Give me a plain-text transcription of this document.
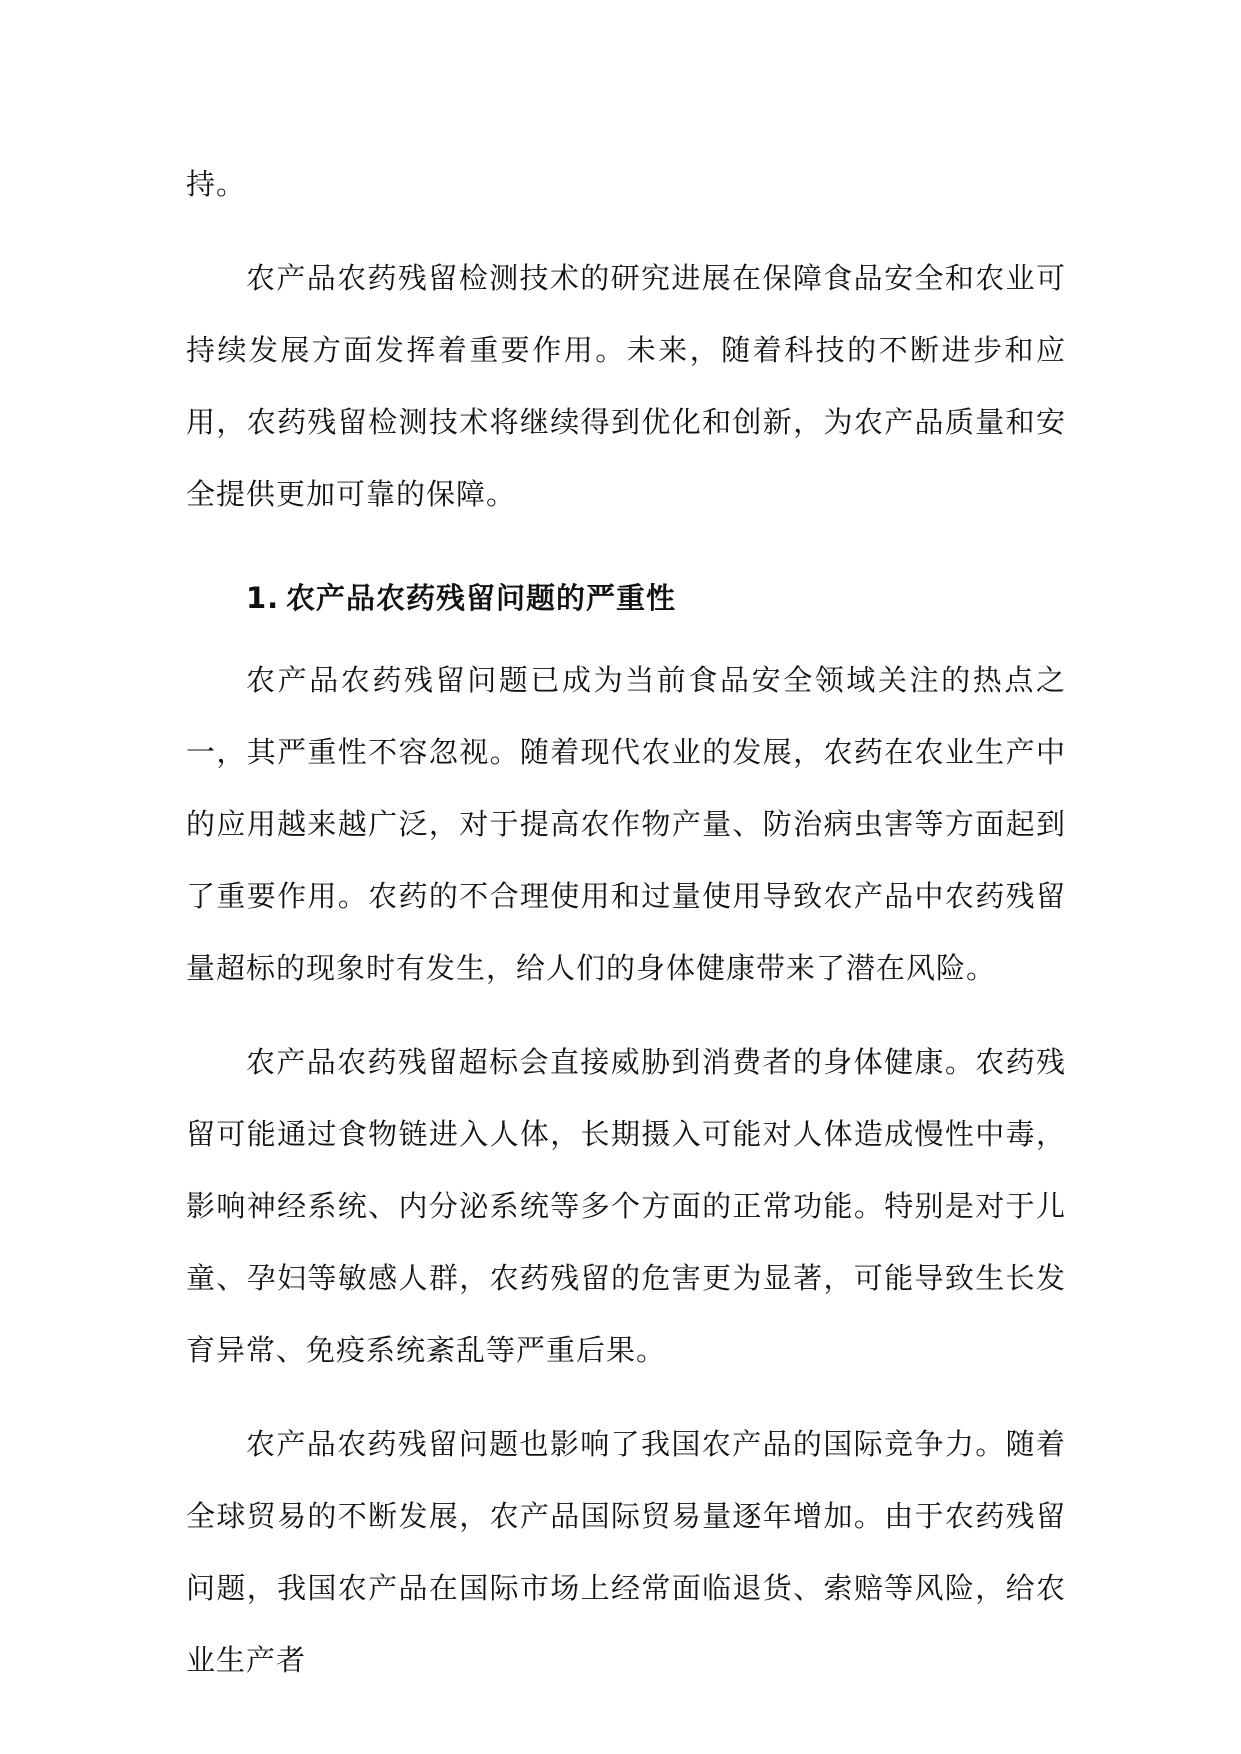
持。

农产品农药残留检测技术的研究进展在保障食品安全和农业可持续发展方面发挥着重要作用。未来，随着科技的不断进步和应用，农药残留检测技术将继续得到优化和创新，为农产品质量和安全提供更加可靠的保障。

1. 农产品农药残留问题的严重性

农产品农药残留问题已成为当前食品安全领域关注的热点之一，其严重性不容忽视。随着现代农业的发展，农药在农业生产中的应用越来越广泛，对于提高农作物产量、防治病虫害等方面起到了重要作用。农药的不合理使用和过量使用导致农产品中农药残留量超标的现象时有发生，给人们的身体健康带来了潜在风险。

农产品农药残留超标会直接威胁到消费者的身体健康。农药残留可能通过食物链进入人体，长期摄入可能对人体造成慢性中毒，影响神经系统、内分泌系统等多个方面的正常功能。特别是对于儿童、孕妇等敏感人群，农药残留的危害更为显著，可能导致生长发育异常、免疫系统紊乱等严重后果。

农产品农药残留问题也影响了我国农产品的国际竞争力。随着全球贸易的不断发展，农产品国际贸易量逐年增加。由于农药残留问题，我国农产品在国际市场上经常面临退货、索赔等风险，给农业生产者
